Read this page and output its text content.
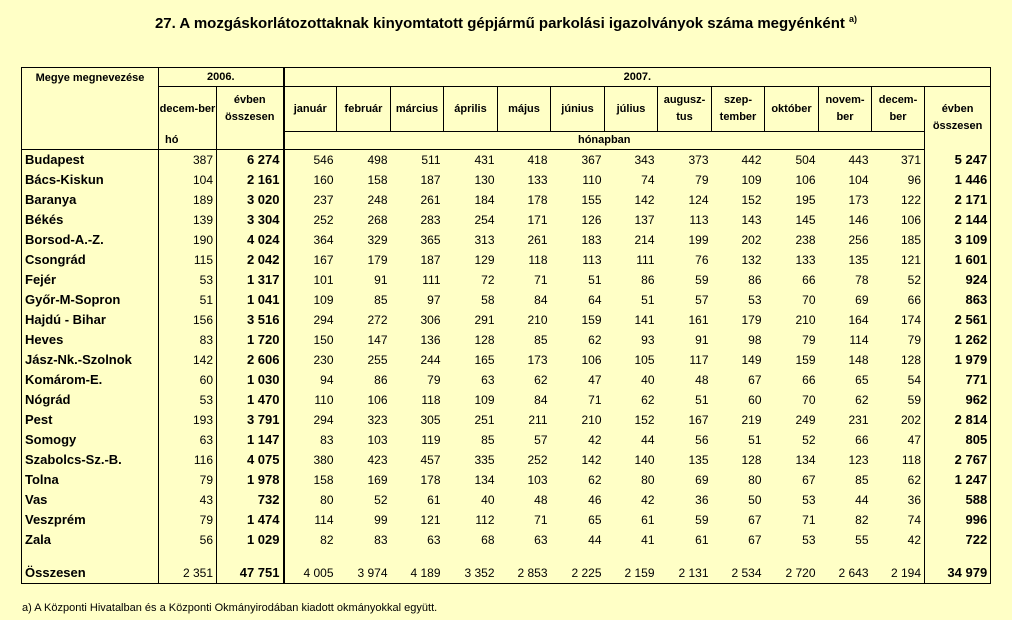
27. A mozgáskorlátozottaknak kinyomtatott gépjármű parkolási igazolványok száma megyénként $^{a)}$
Megye megnevezése	2006.		2007.												
	decem-ber	évben összesen	január	február	március	április	május	június	július	augusz-tus	szep-tember	október	novem-ber	decem-ber	évben összesen
	hó		hónapban												
Budapest	387	6 274	546	498	511	431	418	367	343	373	442	504	443	371	5 247
Bács-Kiskun	104	2 161	160	158	187	130	133	110	74	79	109	106	104	96	1 446
Baranya	189	3 020	237	248	261	184	178	155	142	124	152	195	173	122	2 171
Békés	139	3 304	252	268	283	254	171	126	137	113	143	145	146	106	2 144
Borsod-A.-Z.	190	4 024	364	329	365	313	261	183	214	199	202	238	256	185	3 109
Csongrád	115	2 042	167	179	187	129	118	113	111	76	132	133	135	121	1 601
Fejér	53	1 317	101	91	111	72	71	51	86	59	86	66	78	52	924
Győr-M-Sopron	51	1 041	109	85	97	58	84	64	51	57	53	70	69	66	863
Hajdú - Bihar	156	3 516	294	272	306	291	210	159	141	161	179	210	164	174	2 561
Heves	83	1 720	150	147	136	128	85	62	93	91	98	79	114	79	1 262
Jász-Nk.-Szolnok	142	2 606	230	255	244	165	173	106	105	117	149	159	148	128	1 979
Komárom-E.	60	1 030	94	86	79	63	62	47	40	48	67	66	65	54	771
Nógrád	53	1 470	110	106	118	109	84	71	62	51	60	70	62	59	962
Pest	193	3 791	294	323	305	251	211	210	152	167	219	249	231	202	2 814
Somogy	63	1 147	83	103	119	85	57	42	44	56	51	52	66	47	805
Szabolcs-Sz.-B.	116	4 075	380	423	457	335	252	142	140	135	128	134	123	118	2 767
Tolna	79	1 978	158	169	178	134	103	62	80	69	80	67	85	62	1 247
Vas	43	732	80	52	61	40	48	46	42	36	50	53	44	36	588
Veszprém	79	1 474	114	99	121	112	71	65	61	59	67	71	82	74	996
Zala	56	1 029	82	83	63	68	63	44	41	61	67	53	55	42	722

Összesen	2 351	47 751	4 005	3 974	4 189	3 352	2 853	2 225	2 159	2 131	2 534	2 720	2 643	2 194	34 979
a) A Központi Hivatalban és a Központi Okmányirodában kiadott okmányokkal együtt.
